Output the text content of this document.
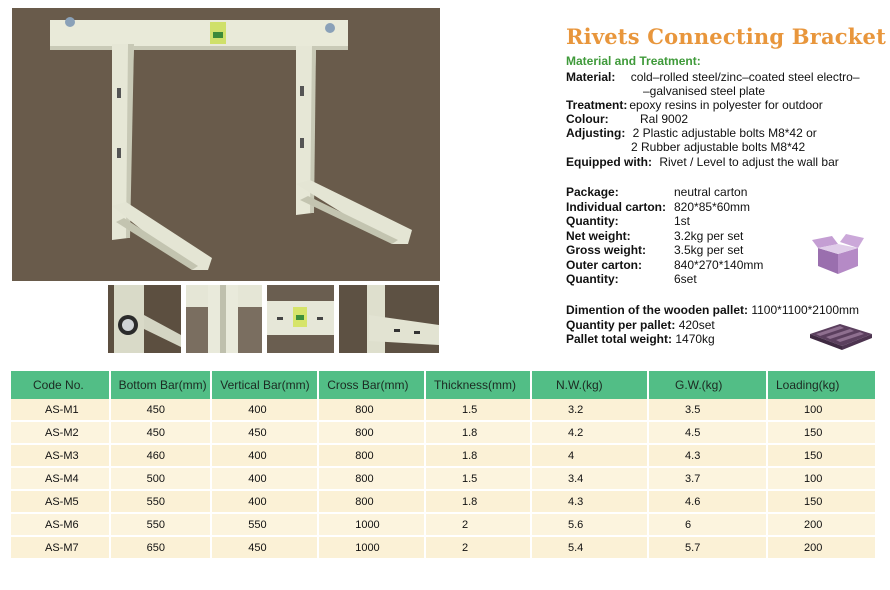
Rivets Connecting Bracket
Material and Treatment:
Material: cold–rolled steel/zinc–coated steel electro–
–galvanised steel plate
Treatment: epoxy resins in polyester for outdoor
Colour:	Ral 9002
Adjusting: 2 Plastic adjustable bolts M8*42 or
2 Rubber adjustable bolts M8*42
Equipped with: Rivet / Level to adjust the wall bar
Package:	neutral carton
Individual carton: 820*85*60mm
Quantity:	1st
Net weight:	3.2kg per set
Gross weight: 3.5kg per set
Outer carton:	840*270*140mm
Quantity:	6set
Dimention of the wooden pallet: 1100*1100*2100mm
Quantity per pallet: 420set
Pallet total weight: 1470kg
Code No.	Bottom Bar(mm)	Vertical Bar(mm)	Cross Bar(mm)	Thickness(mm)	N.W.(kg)	G.W.(kg)	Loading(kg)
AS-M1	450	400	800	1.5	3.2	3.5	100
AS-M2	450	450	800	1.8	4.2	4.5	150
AS-M3	460	400	800	1.8	4	4.3	150
AS-M4	500	400	800	1.5	3.4	3.7	100
AS-M5	550	400	800	1.8	4.3	4.6	150
AS-M6	550	550	1000	2	5.6	6	200
AS-M7	650	450	1000	2	5.4	5.7	200
